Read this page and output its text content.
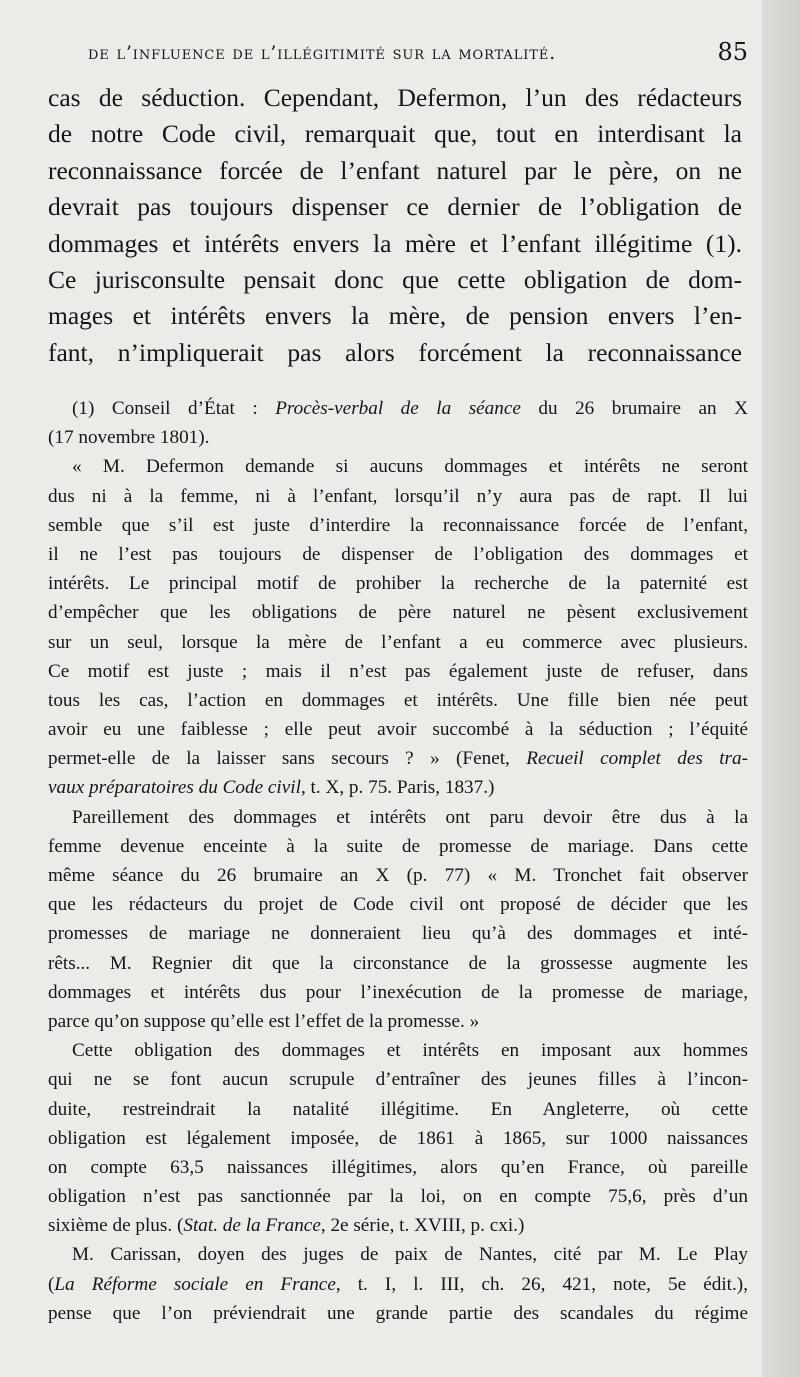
de l’influence de l’illégitimité sur la mortalité.	85
cas de séduction. Cependant, Defermon, l’un des rédacteurs
de notre Code civil, remarquait que, tout en interdisant la
reconnaissance forcée de l’enfant naturel par le père, on ne
devrait pas toujours dispenser ce dernier de l’obligation de
dommages et intérêts envers la mère et l’enfant illégitime (1).
Ce jurisconsulte pensait donc que cette obligation de dom-
mages et intérêts envers la mère, de pension envers l’en-
fant, n’impliquerait pas alors forcément la reconnaissance
(1) Conseil d’État : Procès-verbal de la séance du 26 brumaire an X
(17 novembre 1801).
« M. Defermon demande si aucuns dommages et intérêts ne seront
dus ni à la femme, ni à l’enfant, lorsqu’il n’y aura pas de rapt. Il lui
semble que s’il est juste d’interdire la reconnaissance forcée de l’enfant,
il ne l’est pas toujours de dispenser de l’obligation des dommages et
intérêts. Le principal motif de prohiber la recherche de la paternité est
d’empêcher que les obligations de père naturel ne pèsent exclusivement
sur un seul, lorsque la mère de l’enfant a eu commerce avec plusieurs.
Ce motif est juste ; mais il n’est pas également juste de refuser, dans
tous les cas, l’action en dommages et intérêts. Une fille bien née peut
avoir eu une faiblesse ; elle peut avoir succombé à la séduction ; l’équité
permet-elle de la laisser sans secours ? » (Fenet, Recueil complet des tra-
vaux préparatoires du Code civil, t. X, p. 75. Paris, 1837.)
Pareillement des dommages et intérêts ont paru devoir être dus à la
femme devenue enceinte à la suite de promesse de mariage. Dans cette
même séance du 26 brumaire an X (p. 77) « M. Tronchet fait observer
que les rédacteurs du projet de Code civil ont proposé de décider que les
promesses de mariage ne donneraient lieu qu’à des dommages et inté-
rêts... M. Regnier dit que la circonstance de la grossesse augmente les
dommages et intérêts dus pour l’inexécution de la promesse de mariage,
parce qu’on suppose qu’elle est l’effet de la promesse. »
Cette obligation des dommages et intérêts en imposant aux hommes
qui ne se font aucun scrupule d’entraîner des jeunes filles à l’incon-
duite, restreindrait la natalité illégitime. En Angleterre, où cette
obligation est légalement imposée, de 1861 à 1865, sur 1000 naissances
on compte 63,5 naissances illégitimes, alors qu’en France, où pareille
obligation n’est pas sanctionnée par la loi, on en compte 75,6, près d’un
sixième de plus. (Stat. de la France, 2e série, t. XVIII, p. cxi.)
M. Carissan, doyen des juges de paix de Nantes, cité par M. Le Play
(La Réforme sociale en France, t. I, l. III, ch. 26, 421, note, 5e édit.),
pense que l’on préviendrait une grande partie des scandales du régime
